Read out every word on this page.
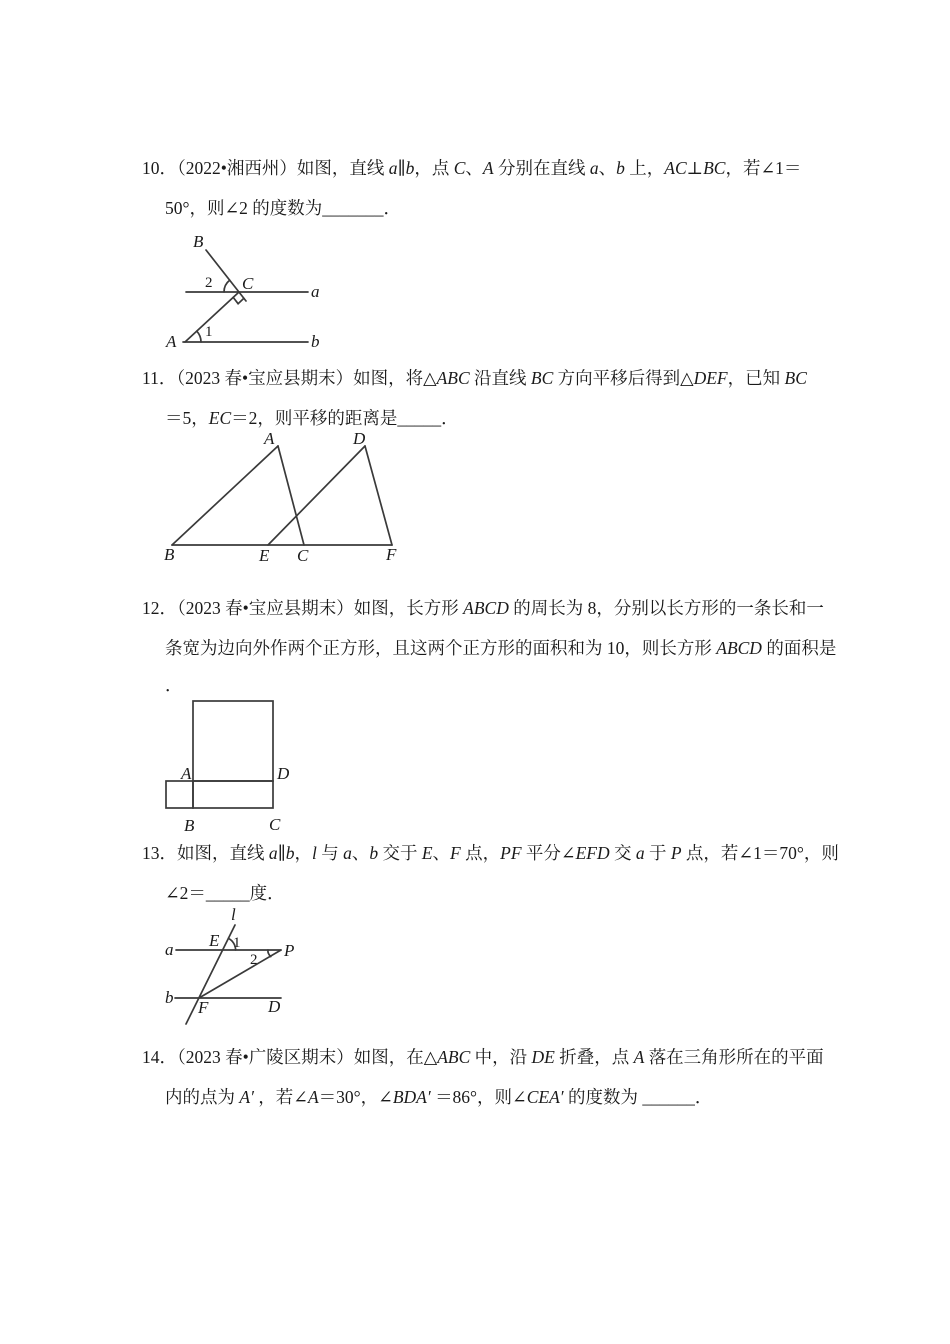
10．（2022•湘西州）如图，直线 a∥b，点 C、A 分别在直线 a、b 上，AC⊥BC，若∠1＝
50°，则∠2 的度数为_______．
B
2 C	a
A 1	b
11．（2023 春•宝应县期末）如图，将△ABC 沿直线 BC 方向平移后得到△DEF，已知 BC
＝5，EC＝2，则平移的距离是_____．
A	D
B	E C	F
12．（2023 春•宝应县期末）如图，长方形 ABCD 的周长为 8，分别以长方形的一条长和一
条宽为边向外作两个正方形，且这两个正方形的面积和为 10，则长方形 ABCD 的面积是
．
A	D
B	C
13．如图，直线 a∥b，l 与 a、b 交于 E、F 点，PF 平分∠EFD 交 a 于 P 点，若∠1＝70°，则
∠2＝_____度．
l
E 1
a
2 P
b
F	D
14．（2023 春•广陵区期末）如图，在△ABC 中，沿 DE 折叠，点 A 落在三角形所在的平面
内的点为 A′ ，若∠A＝30°，∠BDA′ ＝86°，则∠CEA′ 的度数为 ______．
